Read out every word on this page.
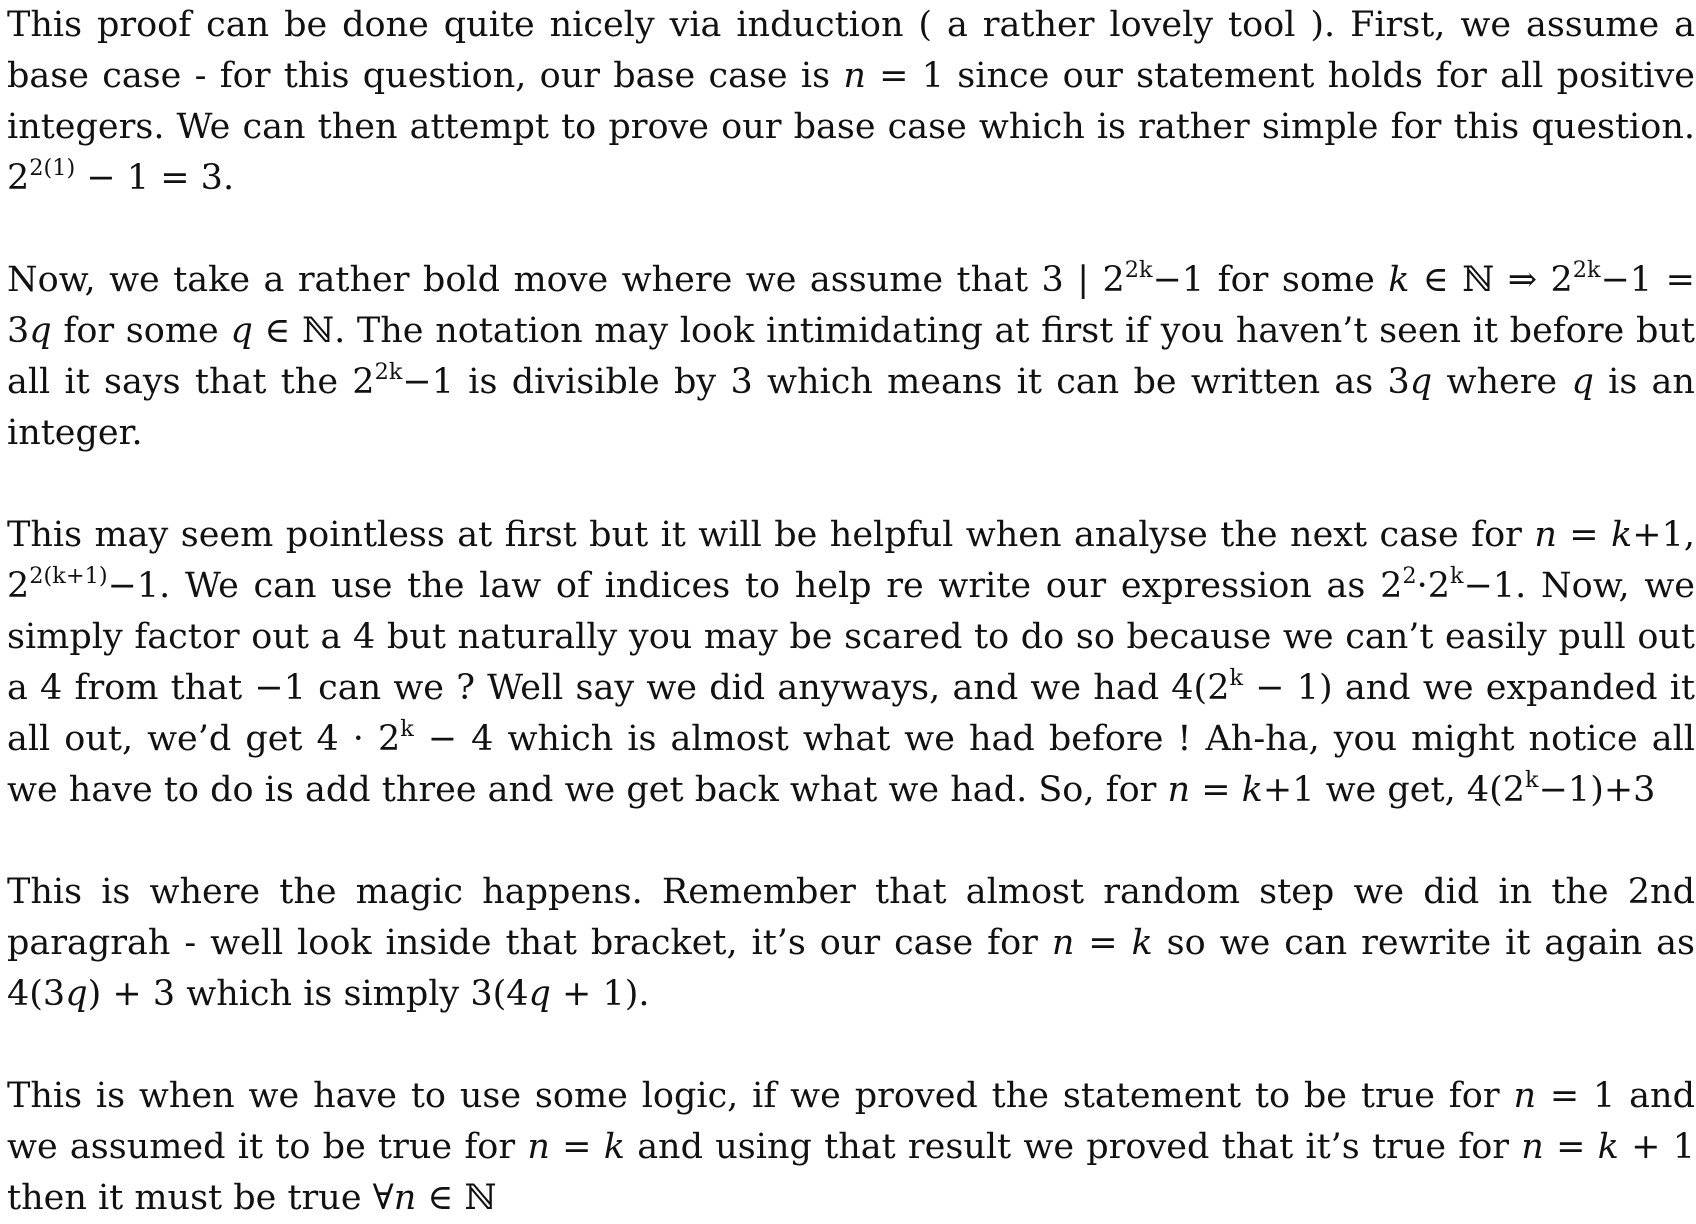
This proof can be done quite nicely via induction ( a rather lovely tool ). First, we assume a base case - for this question, our base case is n = 1 since our statement holds for all positive integers. We can then attempt to prove our base case which is rather simple for this question. $2^{2(1)} - 1 = 3$.

Now, we take a rather bold move where we assume that 3 | $2^{2k}-1$ for some k ∈ ℕ ⇒ $2^{2k}-1 = 3q$ for some q ∈ ℕ. The notation may look intimidating at first if you haven’t seen it before but all it says that the $2^{2k}-1$ is divisible by 3 which means it can be written as 3q where q is an integer.

This may seem pointless at first but it will be helpful when analyse the next case for n = k+1, $2^{2(k+1)}-1$. We can use the law of indices to help re write our expression as $2^2\cdot 2^k-1$. Now, we simply factor out a 4 but naturally you may be scared to do so because we can’t easily pull out a 4 from that −1 can we ? Well say we did anyways, and we had $4(2^k - 1)$ and we expanded it all out, we’d get $4 \cdot 2^k - 4$ which is almost what we had before ! Ah-ha, you might notice all we have to do is add three and we get back what we had. So, for n = k+1 we get, $4(2^k-1)+3$

This is where the magic happens. Remember that almost random step we did in the 2nd paragrah - well look inside that bracket, it’s our case for n = k so we can rewrite it again as 4(3q) + 3 which is simply 3(4q + 1).

This is when we have to use some logic, if we proved the statement to be true for n = 1 and we assumed it to be true for n = k and using that result we proved that it’s true for n = k + 1 then it must be true ∀n ∈ ℕ
